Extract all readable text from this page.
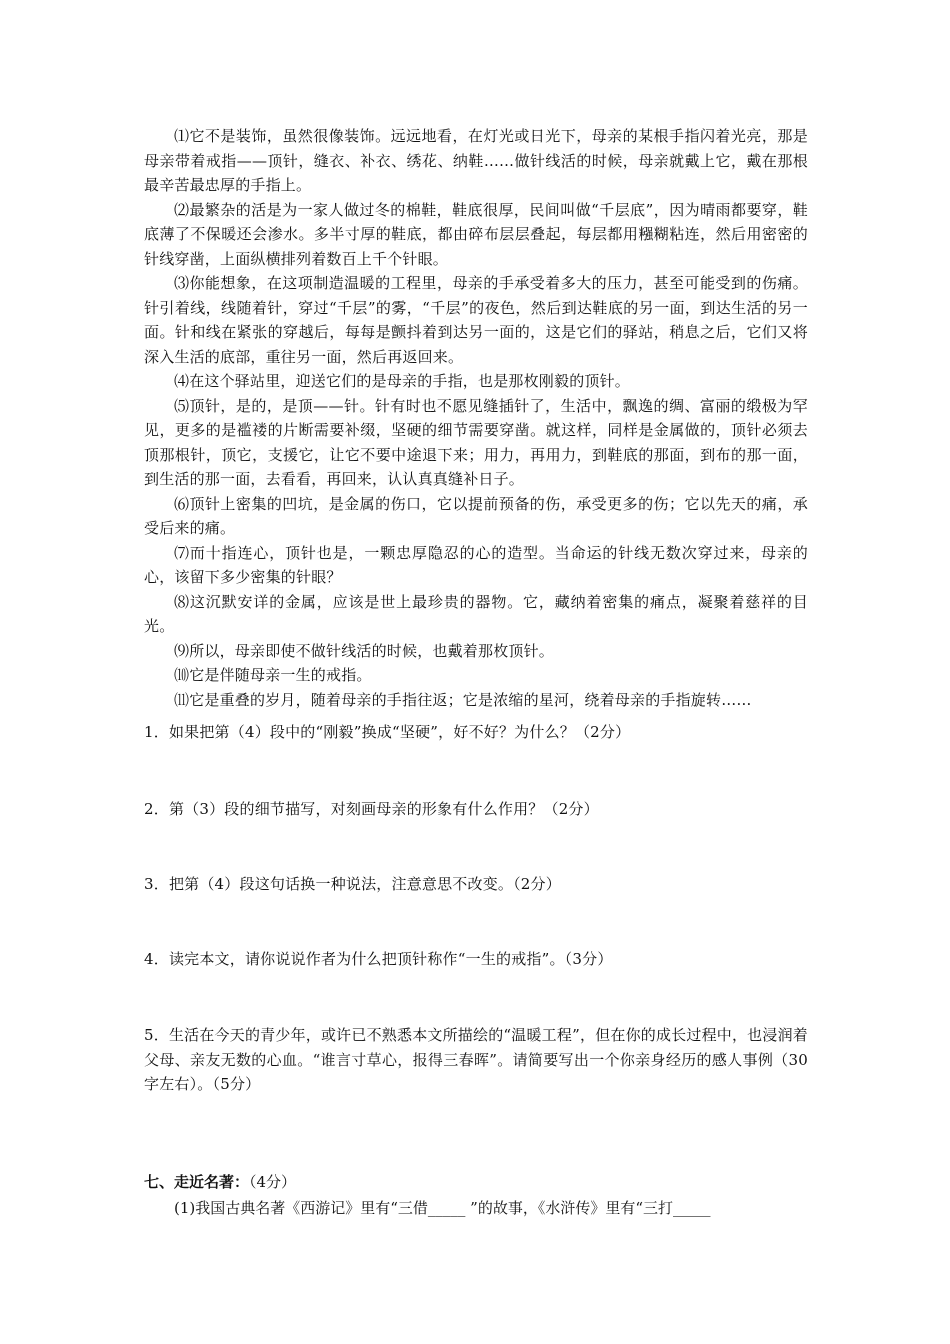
⑴它不是装饰，虽然很像装饰。远远地看，在灯光或日光下，母亲的某根手指闪着光亮，那是母亲带着戒指——顶针，缝衣、补衣、绣花、纳鞋……做针线活的时候，母亲就戴上它，戴在那根最辛苦最忠厚的手指上。

⑵最繁杂的活是为一家人做过冬的棉鞋，鞋底很厚，民间叫做“千层底”，因为晴雨都要穿，鞋底薄了不保暖还会渗水。多半寸厚的鞋底，都由碎布层层叠起，每层都用糨糊粘连，然后用密密的针线穿凿，上面纵横排列着数百上千个针眼。

⑶你能想象，在这项制造温暖的工程里，母亲的手承受着多大的压力，甚至可能受到的伤痛。针引着线，线随着针，穿过“千层”的雾，“千层”的夜色，然后到达鞋底的另一面，到达生活的另一面。针和线在紧张的穿越后，每每是颤抖着到达另一面的，这是它们的驿站，稍息之后，它们又将深入生活的底部，重往另一面，然后再返回来。

⑷在这个驿站里，迎送它们的是母亲的手指，也是那枚刚毅的顶针。

⑸顶针，是的，是顶——针。针有时也不愿见缝插针了，生活中，飘逸的绸、富丽的缎极为罕见，更多的是褴褛的片断需要补缀，坚硬的细节需要穿凿。就这样，同样是金属做的，顶针必须去顶那根针，顶它，支援它，让它不要中途退下来；用力，再用力，到鞋底的那面，到布的那一面，到生活的那一面，去看看，再回来，认认真真缝补日子。

⑹顶针上密集的凹坑，是金属的伤口，它以提前预备的伤，承受更多的伤；它以先天的痛，承受后来的痛。

⑺而十指连心，顶针也是，一颗忠厚隐忍的心的造型。当命运的针线无数次穿过来，母亲的心，该留下多少密集的针眼？

⑻这沉默安详的金属，应该是世上最珍贵的器物。它，藏纳着密集的痛点，凝聚着慈祥的目光。

⑼所以，母亲即使不做针线活的时候，也戴着那枚顶针。

⑽它是伴随母亲一生的戒指。

⑾它是重叠的岁月，随着母亲的手指往返；它是浓缩的星河，绕着母亲的手指旋转……

1．如果把第（4）段中的“刚毅”换成“坚硬”，好不好？为什么？（2分）

2．第（3）段的细节描写，对刻画母亲的形象有什么作用？（2分）

3．把第（4）段这句话换一种说法，注意意思不改变。（2分）

4．读完本文，请你说说作者为什么把顶针称作“一生的戒指”。（3分）

5．生活在今天的青少年，或许已不熟悉本文所描绘的“温暖工程”，但在你的成长过程中，也浸润着父母、亲友无数的心血。“谁言寸草心，报得三春晖”。请简要写出一个你亲身经历的感人事例（30字左右）。（5分）

七、走近名著：（4分）

(1)我国古典名著《西游记》里有“三借_____ ”的故事，《水浒传》里有“三打_____
